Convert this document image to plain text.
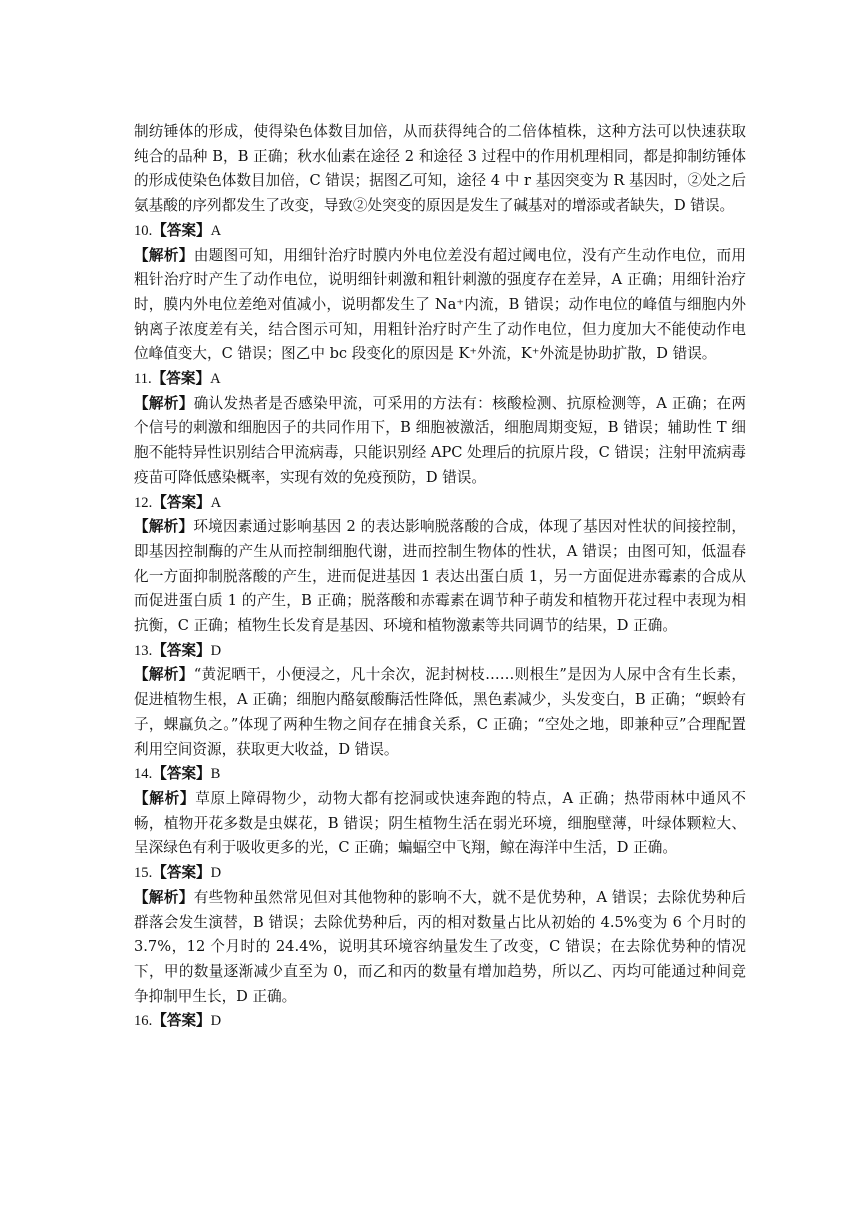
制纺锤体的形成，使得染色体数目加倍，从而获得纯合的二倍体植株，这种方法可以快速获取纯合的品种 B，B 正确；秋水仙素在途径 2 和途径 3 过程中的作用机理相同，都是抑制纺锤体的形成使染色体数目加倍，C 错误；据图乙可知，途径 4 中 r 基因突变为 R 基因时，②处之后氨基酸的序列都发生了改变，导致②处突变的原因是发生了碱基对的增添或者缺失，D 错误。

10.【答案】A

【解析】由题图可知，用细针治疗时膜内外电位差没有超过阈电位，没有产生动作电位，而用粗针治疗时产生了动作电位，说明细针刺激和粗针刺激的强度存在差异，A 正确；用细针治疗时，膜内外电位差绝对值减小，说明都发生了 Na⁺内流，B 错误；动作电位的峰值与细胞内外钠离子浓度差有关，结合图示可知，用粗针治疗时产生了动作电位，但力度加大不能使动作电位峰值变大，C 错误；图乙中 bc 段变化的原因是 K⁺外流，K⁺外流是协助扩散，D 错误。

11.【答案】A

【解析】确认发热者是否感染甲流，可采用的方法有：核酸检测、抗原检测等，A 正确；在两个信号的刺激和细胞因子的共同作用下，B 细胞被激活，细胞周期变短，B 错误；辅助性 T 细胞不能特异性识别结合甲流病毒，只能识别经 APC 处理后的抗原片段，C 错误；注射甲流病毒疫苗可降低感染概率，实现有效的免疫预防，D 错误。

12.【答案】A

【解析】环境因素通过影响基因 2 的表达影响脱落酸的合成，体现了基因对性状的间接控制，即基因控制酶的产生从而控制细胞代谢，进而控制生物体的性状，A 错误；由图可知，低温春化一方面抑制脱落酸的产生，进而促进基因 1 表达出蛋白质 1，另一方面促进赤霉素的合成从而促进蛋白质 1 的产生，B 正确；脱落酸和赤霉素在调节种子萌发和植物开花过程中表现为相抗衡，C 正确；植物生长发育是基因、环境和植物激素等共同调节的结果，D 正确。

13.【答案】D

【解析】“黄泥晒干，小便浸之，凡十余次，泥封树枝……则根生”是因为人尿中含有生长素，促进植物生根，A 正确；细胞内酪氨酸酶活性降低，黑色素减少，头发变白，B 正确；“螟蛉有子，蜾蠃负之。”体现了两种生物之间存在捕食关系，C 正确；“空处之地，即兼种豆”合理配置利用空间资源，获取更大收益，D 错误。

14.【答案】B

【解析】草原上障碍物少，动物大都有挖洞或快速奔跑的特点，A 正确；热带雨林中通风不畅，植物开花多数是虫媒花，B 错误；阴生植物生活在弱光环境，细胞壁薄，叶绿体颗粒大、呈深绿色有利于吸收更多的光，C 正确；蝙蝠空中飞翔，鲸在海洋中生活，D 正确。

15.【答案】D

【解析】有些物种虽然常见但对其他物种的影响不大，就不是优势种，A 错误；去除优势种后群落会发生演替，B 错误；去除优势种后，丙的相对数量占比从初始的 4.5%变为 6 个月时的 3.7%，12 个月时的 24.4%，说明其环境容纳量发生了改变，C 错误；在去除优势种的情况下，甲的数量逐渐减少直至为 0，而乙和丙的数量有增加趋势，所以乙、丙均可能通过种间竞争抑制甲生长，D 正确。

16.【答案】D
